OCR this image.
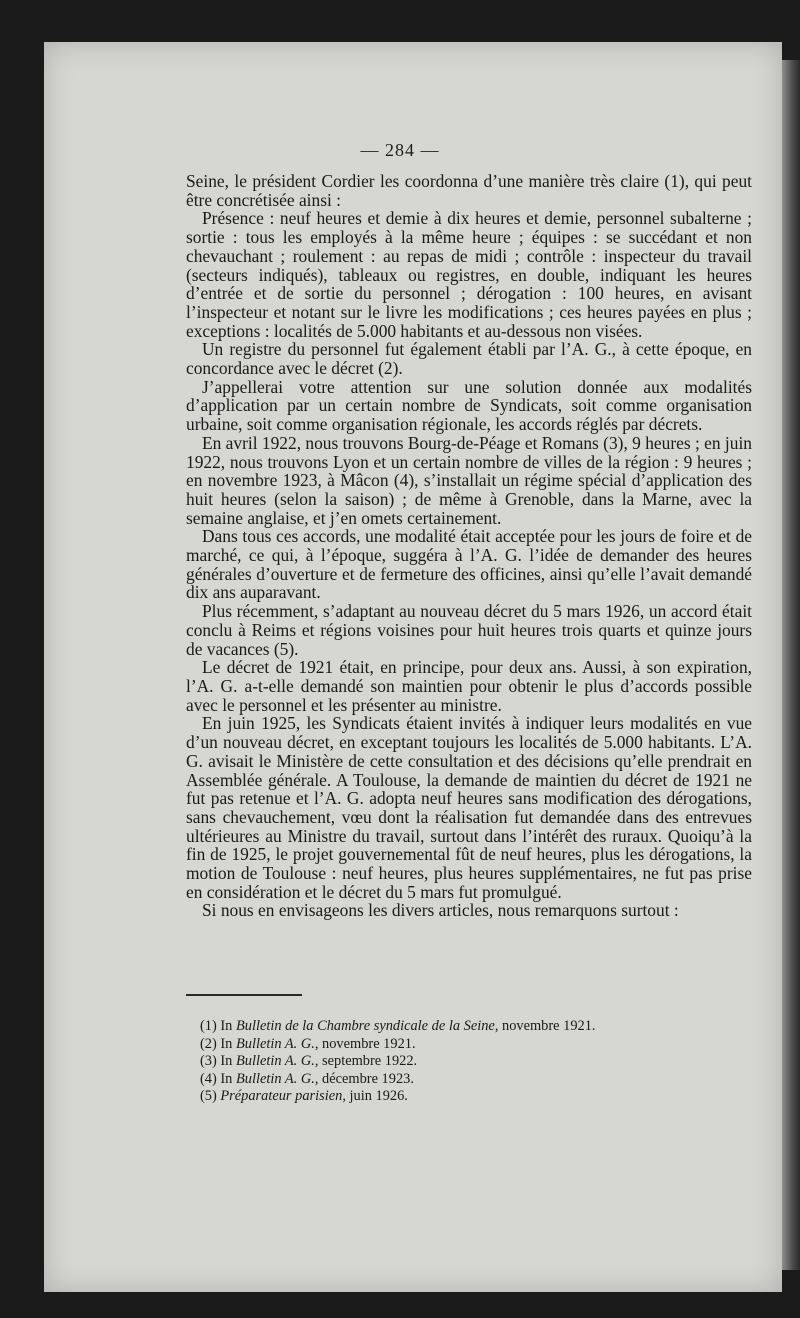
— 284 —

Seine, le président Cordier les coordonna d’une manière très claire (1), qui peut être concrétisée ainsi :

Présence : neuf heures et demie à dix heures et demie, personnel subalterne ; sortie : tous les employés à la même heure ; équipes : se succédant et non chevauchant ; roulement : au repas de midi ; contrôle : inspecteur du travail (secteurs indiqués), tableaux ou registres, en double, indiquant les heures d’entrée et de sortie du personnel ; dérogation : 100 heures, en avisant l’inspecteur et notant sur le livre les modifications ; ces heures payées en plus ; exceptions : localités de 5.000 habitants et au-dessous non visées.

Un registre du personnel fut également établi par l’A. G., à cette époque, en concordance avec le décret (2).

J’appellerai votre attention sur une solution donnée aux modalités d’application par un certain nombre de Syndicats, soit comme organisation urbaine, soit comme organisation régionale, les accords réglés par décrets.

En avril 1922, nous trouvons Bourg-de-Péage et Romans (3), 9 heures ; en juin 1922, nous trouvons Lyon et un certain nombre de villes de la région : 9 heures ; en novembre 1923, à Mâcon (4), s’installait un régime spécial d’application des huit heures (selon la saison) ; de même à Grenoble, dans la Marne, avec la semaine anglaise, et j’en omets certainement.

Dans tous ces accords, une modalité était acceptée pour les jours de foire et de marché, ce qui, à l’époque, suggéra à l’A. G. l’idée de demander des heures générales d’ouverture et de fermeture des officines, ainsi qu’elle l’avait demandé dix ans auparavant.

Plus récemment, s’adaptant au nouveau décret du 5 mars 1926, un accord était conclu à Reims et régions voisines pour huit heures trois quarts et quinze jours de vacances (5).

Le décret de 1921 était, en principe, pour deux ans. Aussi, à son expiration, l’A. G. a-t-elle demandé son maintien pour obtenir le plus d’accords possible avec le personnel et les présenter au ministre.

En juin 1925, les Syndicats étaient invités à indiquer leurs modalités en vue d’un nouveau décret, en exceptant toujours les localités de 5.000 habitants. L’A. G. avisait le Ministère de cette consultation et des décisions qu’elle prendrait en Assemblée générale. A Toulouse, la demande de maintien du décret de 1921 ne fut pas retenue et l’A. G. adopta neuf heures sans modification des dérogations, sans chevauchement, vœu dont la réalisation fut demandée dans des entrevues ultérieures au Ministre du travail, surtout dans l’intérêt des ruraux. Quoiqu’à la fin de 1925, le projet gouvernemental fût de neuf heures, plus les dérogations, la motion de Toulouse : neuf heures, plus heures supplémentaires, ne fut pas prise en considération et le décret du 5 mars fut promulgué.

Si nous en envisageons les divers articles, nous remarquons surtout :

(1) In Bulletin de la Chambre syndicale de la Seine, novembre 1921.

(2) In Bulletin A. G., novembre 1921.

(3) In Bulletin A. G., septembre 1922.

(4) In Bulletin A. G., décembre 1923.

(5) Préparateur parisien, juin 1926.
